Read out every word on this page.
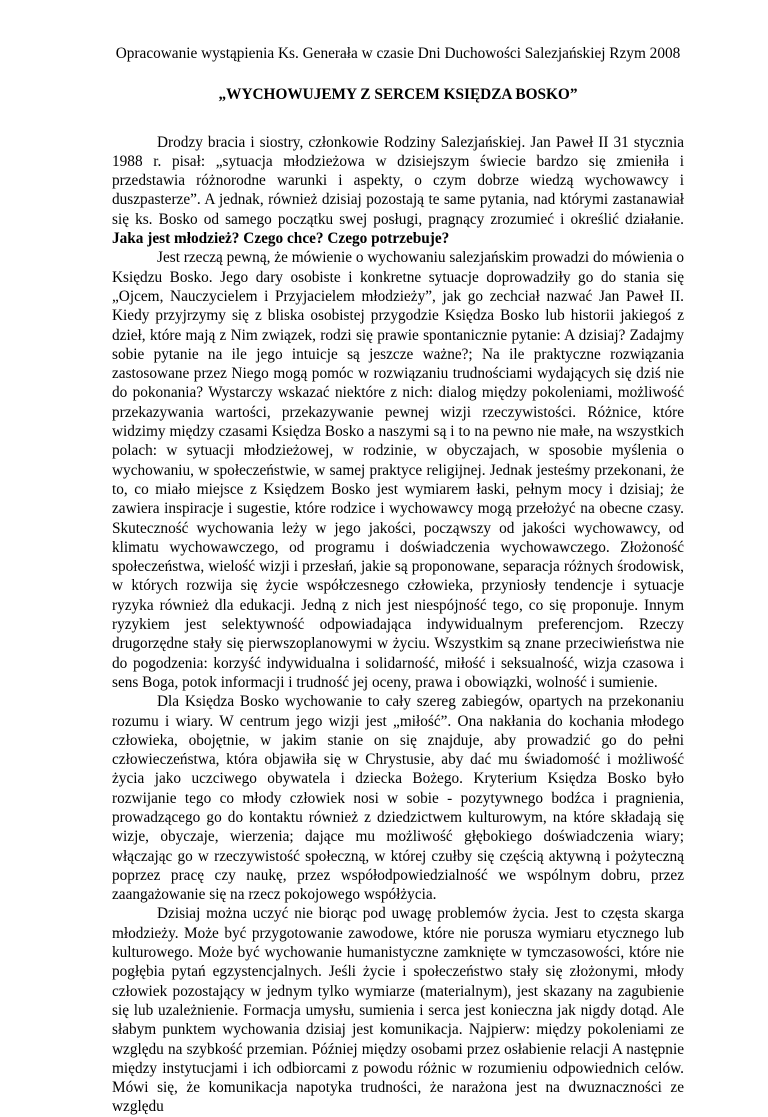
Opracowanie wystąpienia Ks. Generała w czasie Dni Duchowości Salezjańskiej Rzym 2008

„WYCHOWUJEMY Z SERCEM KSIĘDZA BOSKO”

Drodzy bracia i siostry, członkowie Rodziny Salezjańskiej. Jan Paweł II 31 stycznia 1988 r. pisał: „sytuacja młodzieżowa w dzisiejszym świecie bardzo się zmieniła i przedstawia różnorodne warunki i aspekty, o czym dobrze wiedzą wychowawcy i duszpasterze”. A jednak, również dzisiaj pozostają te same pytania, nad którymi zastanawiał się ks. Bosko od samego początku swej posługi, pragnący zrozumieć i określić działanie. Jaka jest młodzież? Czego chce? Czego potrzebuje?

Jest rzeczą pewną, że mówienie o wychowaniu salezjańskim prowadzi do mówienia o Księdzu Bosko. Jego dary osobiste i konkretne sytuacje doprowadziły go do stania się „Ojcem, Nauczycielem i Przyjacielem młodzieży”, jak go zechciał nazwać Jan Paweł II. Kiedy przyjrzymy się z bliska osobistej przygodzie Księdza Bosko lub historii jakiegoś z dzieł, które mają z Nim związek, rodzi się prawie spontanicznie pytanie: A dzisiaj? Zadajmy sobie pytanie na ile jego intuicje są jeszcze ważne?; Na ile praktyczne rozwiązania zastosowane przez Niego mogą pomóc w rozwiązaniu trudnościami wydających się dziś nie do pokonania? Wystarczy wskazać niektóre z nich: dialog między pokoleniami, możliwość przekazywania wartości, przekazywanie pewnej wizji rzeczywistości. Różnice, które widzimy między czasami Księdza Bosko a naszymi są i to na pewno nie małe, na wszystkich polach: w sytuacji młodzieżowej, w rodzinie, w obyczajach, w sposobie myślenia o wychowaniu, w społeczeństwie, w samej praktyce religijnej. Jednak jesteśmy przekonani, że to, co miało miejsce z Księdzem Bosko jest wymiarem łaski, pełnym mocy i dzisiaj; że zawiera inspiracje i sugestie, które rodzice i wychowawcy mogą przełożyć na obecne czasy. Skuteczność wychowania leży w jego jakości, począwszy od jakości wychowawcy, od klimatu wychowawczego, od programu i doświadczenia wychowawczego. Złożoność społeczeństwa, wielość wizji i przesłań, jakie są proponowane, separacja różnych środowisk, w których rozwija się życie współczesnego człowieka, przyniosły tendencje i sytuacje ryzyka również dla edukacji. Jedną z nich jest niespójność tego, co się proponuje. Innym ryzykiem jest selektywność odpowiadająca indywidualnym preferencjom. Rzeczy drugorzędne stały się pierwszoplanowymi w życiu. Wszystkim są znane przeciwieństwa nie do pogodzenia: korzyść indywidualna i solidarność, miłość i seksualność, wizja czasowa i sens Boga, potok informacji i trudność jej oceny, prawa i obowiązki, wolność i sumienie.

Dla Księdza Bosko wychowanie to cały szereg zabiegów, opartych na przekonaniu rozumu i wiary. W centrum jego wizji jest „miłość”. Ona nakłania do kochania młodego człowieka, obojętnie, w jakim stanie on się znajduje, aby prowadzić go do pełni człowieczeństwa, która objawiła się w Chrystusie, aby dać mu świadomość i możliwość życia jako uczciwego obywatela i dziecka Bożego. Kryterium Księdza Bosko było rozwijanie tego co młody człowiek nosi w sobie - pozytywnego bodźca i pragnienia, prowadzącego go do kontaktu również z dziedzictwem kulturowym, na które składają się wizje, obyczaje, wierzenia; dające mu możliwość głębokiego doświadczenia wiary; włączając go w rzeczywistość społeczną, w której czułby się częścią aktywną i pożyteczną poprzez pracę czy naukę, przez współodpowiedzialność we wspólnym dobru, przez zaangażowanie się na rzecz pokojowego współżycia.

Dzisiaj można uczyć nie biorąc pod uwagę problemów życia. Jest to częsta skarga młodzieży. Może być przygotowanie zawodowe, które nie porusza wymiaru etycznego lub kulturowego. Może być wychowanie humanistyczne zamknięte w tymczasowości, które nie pogłębia pytań egzystencjalnych. Jeśli życie i społeczeństwo stały się złożonymi, młody człowiek pozostający w jednym tylko wymiarze (materialnym), jest skazany na zagubienie się lub uzależnienie. Formacja umysłu, sumienia i serca jest konieczna jak nigdy dotąd. Ale słabym punktem wychowania dzisiaj jest komunikacja. Najpierw: między pokoleniami ze względu na szybkość przemian. Później między osobami przez osłabienie relacji A następnie między instytucjami i ich odbiorcami z powodu różnic w rozumieniu odpowiednich celów. Mówi się, że komunikacja napotyka trudności, że narażona jest na dwuznaczności ze względu
